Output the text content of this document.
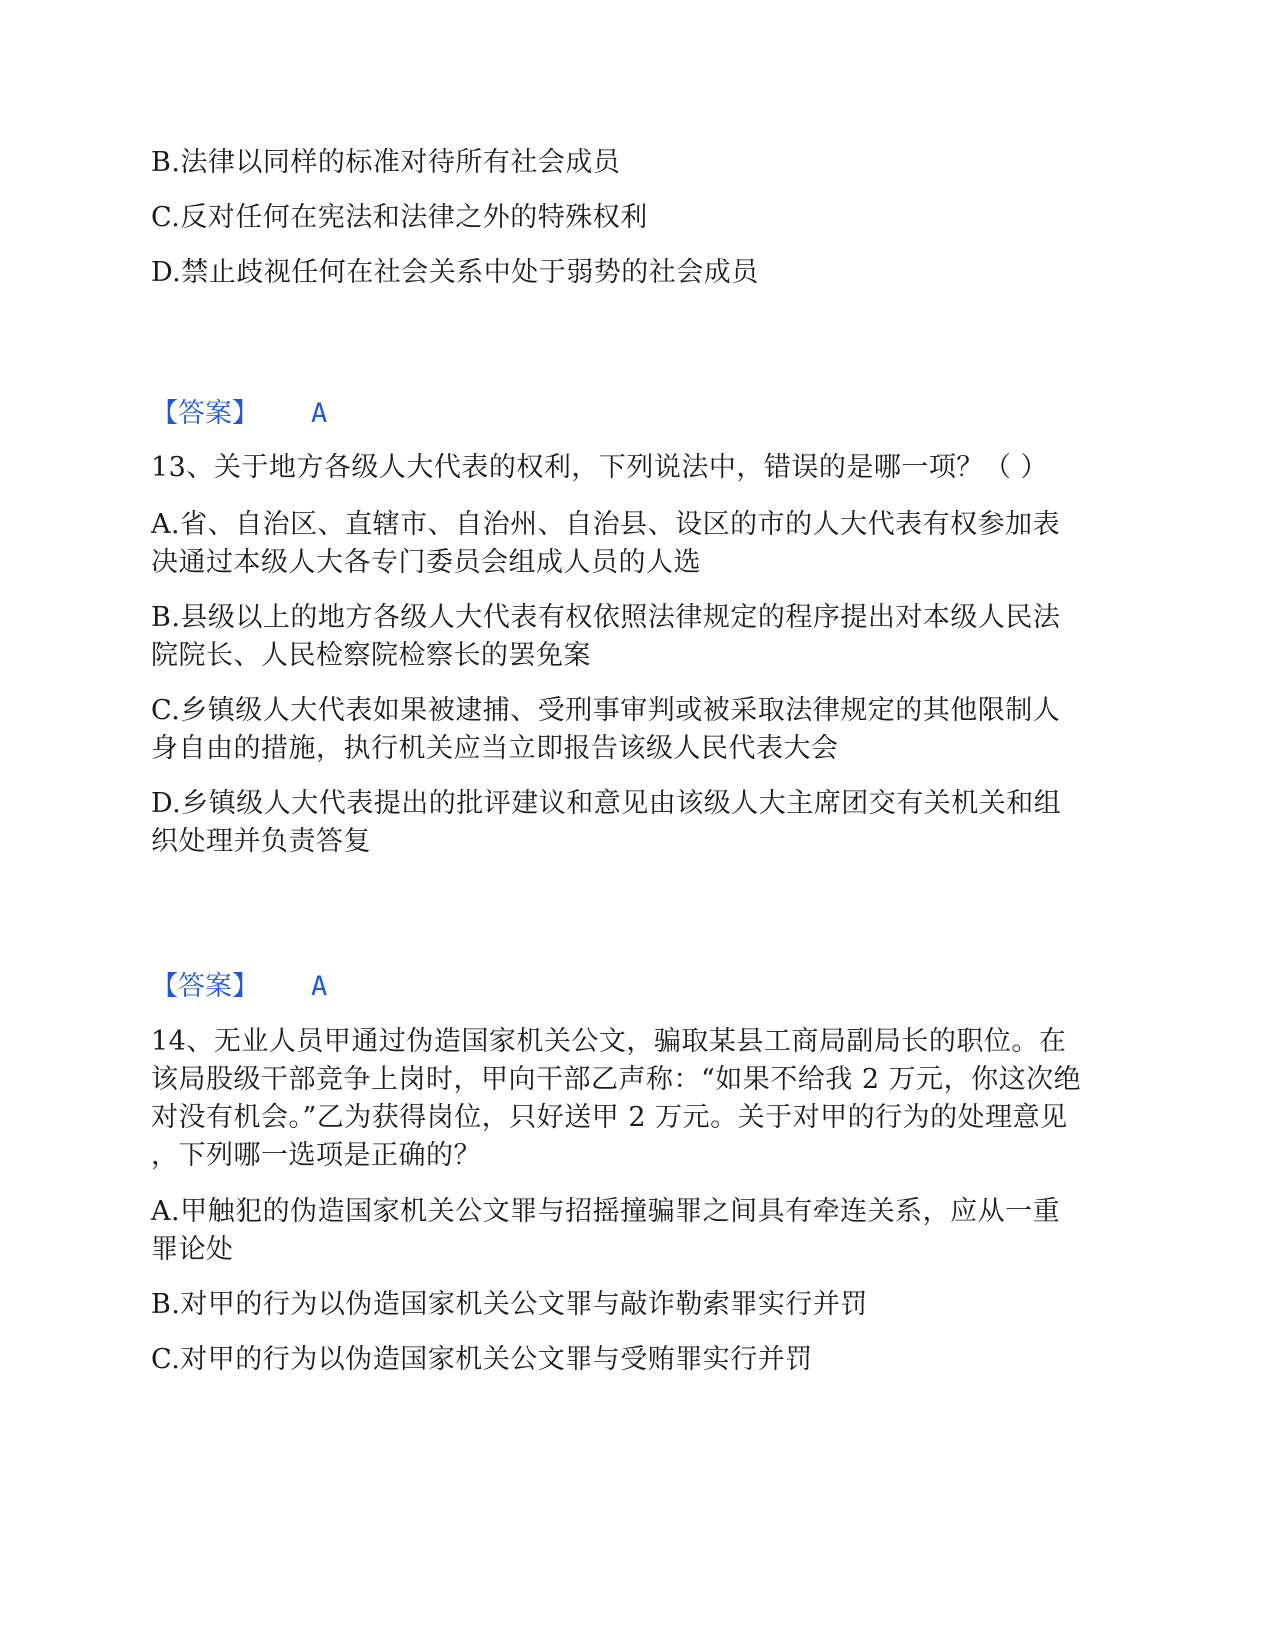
B.法律以同样的标准对待所有社会成员
C.反对任何在宪法和法律之外的特殊权利
D.禁止歧视任何在社会关系中处于弱势的社会成员
【答案】 A
13、关于地方各级人大代表的权利，下列说法中，错误的是哪一项？（ ）
A.省、自治区、直辖市、自治州、自治县、设区的市的人大代表有权参加表
决通过本级人大各专门委员会组成人员的人选
B.县级以上的地方各级人大代表有权依照法律规定的程序提出对本级人民法
院院长、人民检察院检察长的罢免案
C.乡镇级人大代表如果被逮捕、受刑事审判或被采取法律规定的其他限制人
身自由的措施，执行机关应当立即报告该级人民代表大会
D.乡镇级人大代表提出的批评建议和意见由该级人大主席团交有关机关和组
织处理并负责答复
【答案】 A
14、无业人员甲通过伪造国家机关公文，骗取某县工商局副局长的职位。在
该局股级干部竞争上岗时，甲向干部乙声称：“如果不给我 2 万元，你这次绝
对没有机会。”乙为获得岗位，只好送甲 2 万元。关于对甲的行为的处理意见
，下列哪一选项是正确的？
A.甲触犯的伪造国家机关公文罪与招摇撞骗罪之间具有牵连关系，应从一重
罪论处
B.对甲的行为以伪造国家机关公文罪与敲诈勒索罪实行并罚
C.对甲的行为以伪造国家机关公文罪与受贿罪实行并罚
